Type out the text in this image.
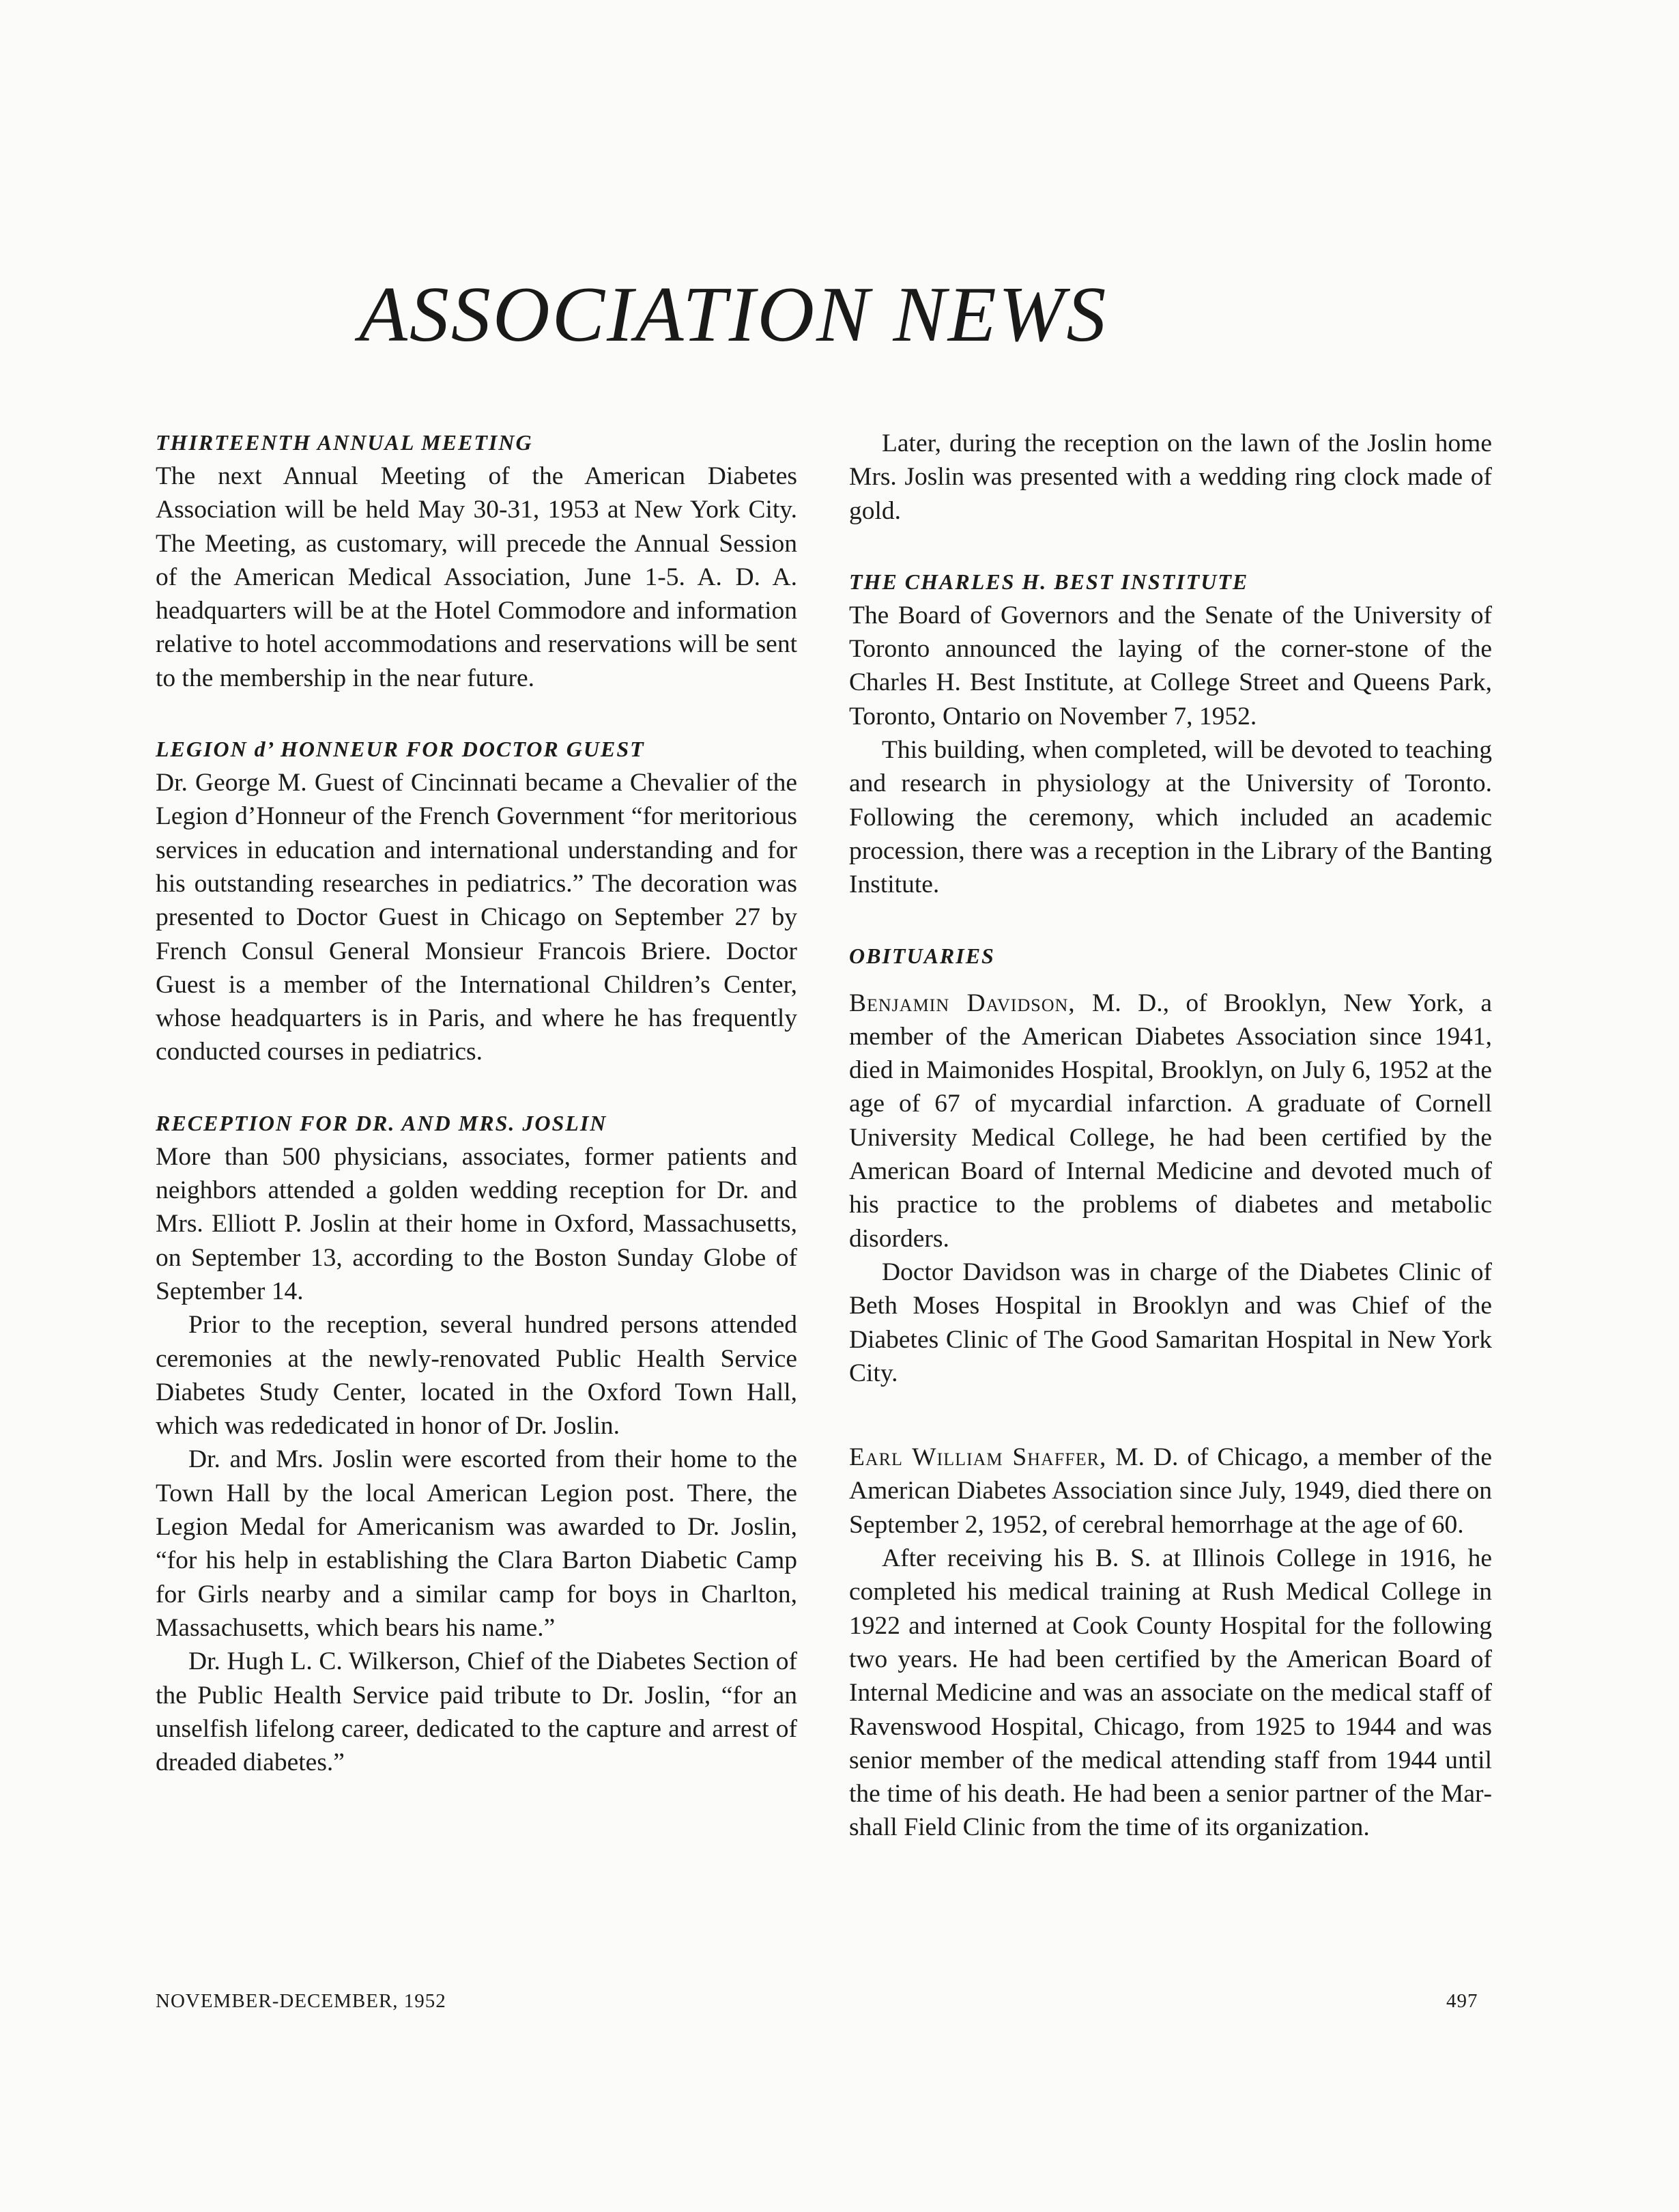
ASSOCIATION NEWS
THIRTEENTH ANNUAL MEETING

The next Annual Meeting of the American Diabetes Association will be held May 30-31, 1953 at New York City. The Meeting, as customary, will precede the Annual Session of the American Medical Association, June 1-5. A. D. A. headquarters will be at the Hotel Commodore and information relative to hotel accommodations and reservations will be sent to the membership in the near future.

LEGION d’ HONNEUR FOR DOCTOR GUEST

Dr. George M. Guest of Cincinnati became a Chevalier of the Legion d’Honneur of the French Government “for meritorious services in education and international understanding and for his outstanding researches in pediatrics.” The decoration was presented to Doctor Guest in Chicago on September 27 by French Consul General Monsieur Francois Briere. Doctor Guest is a member of the International Children’s Center, whose headquarters is in Paris, and where he has frequently conducted courses in pediatrics.

RECEPTION FOR DR. AND MRS. JOSLIN

More than 500 physicians, associates, former patients and neighbors attended a golden wedding reception for Dr. and Mrs. Elliott P. Joslin at their home in Oxford, Massachusetts, on September 13, according to the Boston Sunday Globe of September 14.

Prior to the reception, several hundred persons attended ceremonies at the newly-renovated Public Health Service Diabetes Study Center, located in the Oxford Town Hall, which was rededicated in honor of Dr. Joslin.

Dr. and Mrs. Joslin were escorted from their home to the Town Hall by the local American Legion post. There, the Legion Medal for Americanism was awarded to Dr. Joslin, “for his help in establishing the Clara Barton Diabetic Camp for Girls nearby and a similar camp for boys in Charlton, Massachusetts, which bears his name.”

Dr. Hugh L. C. Wilkerson, Chief of the Diabetes Section of the Public Health Service paid tribute to Dr. Joslin, “for an unselfish lifelong career, dedicated to the capture and arrest of dreaded diabetes.”

Later, during the reception on the lawn of the Joslin home Mrs. Joslin was presented with a wedding ring clock made of gold.

THE CHARLES H. BEST INSTITUTE

The Board of Governors and the Senate of the University of Toronto announced the laying of the corner-stone of the Charles H. Best Institute, at College Street and Queens Park, Toronto, Ontario on November 7, 1952.

This building, when completed, will be devoted to teaching and research in physiology at the University of Toronto. Following the ceremony, which included an academic procession, there was a reception in the Library of the Banting Institute.

OBITUARIES

Benjamin Davidson, M. D., of Brooklyn, New York, a member of the American Diabetes Association since 1941, died in Maimonides Hospital, Brooklyn, on July 6, 1952 at the age of 67 of mycardial infarction. A graduate of Cornell University Medical College, he had been certified by the American Board of Internal Medicine and devoted much of his practice to the problems of diabetes and metabolic disorders.

Doctor Davidson was in charge of the Diabetes Clinic of Beth Moses Hospital in Brooklyn and was Chief of the Diabetes Clinic of The Good Samaritan Hospital in New York City.

Earl William Shaffer, M. D. of Chicago, a member of the American Diabetes Association since July, 1949, died there on September 2, 1952, of cerebral hemorrhage at the age of 60.

After receiving his B. S. at Illinois College in 1916, he completed his medical training at Rush Medical College in 1922 and interned at Cook County Hospital for the following two years. He had been certified by the American Board of Internal Medicine and was an associate on the medical staff of Ravenswood Hospital, Chicago, from 1925 to 1944 and was senior member of the medical attending staff from 1944 until the time of his death. He had been a senior partner of the Marshall Field Clinic from the time of its organization.

NOVEMBER-DECEMBER, 1952	497
